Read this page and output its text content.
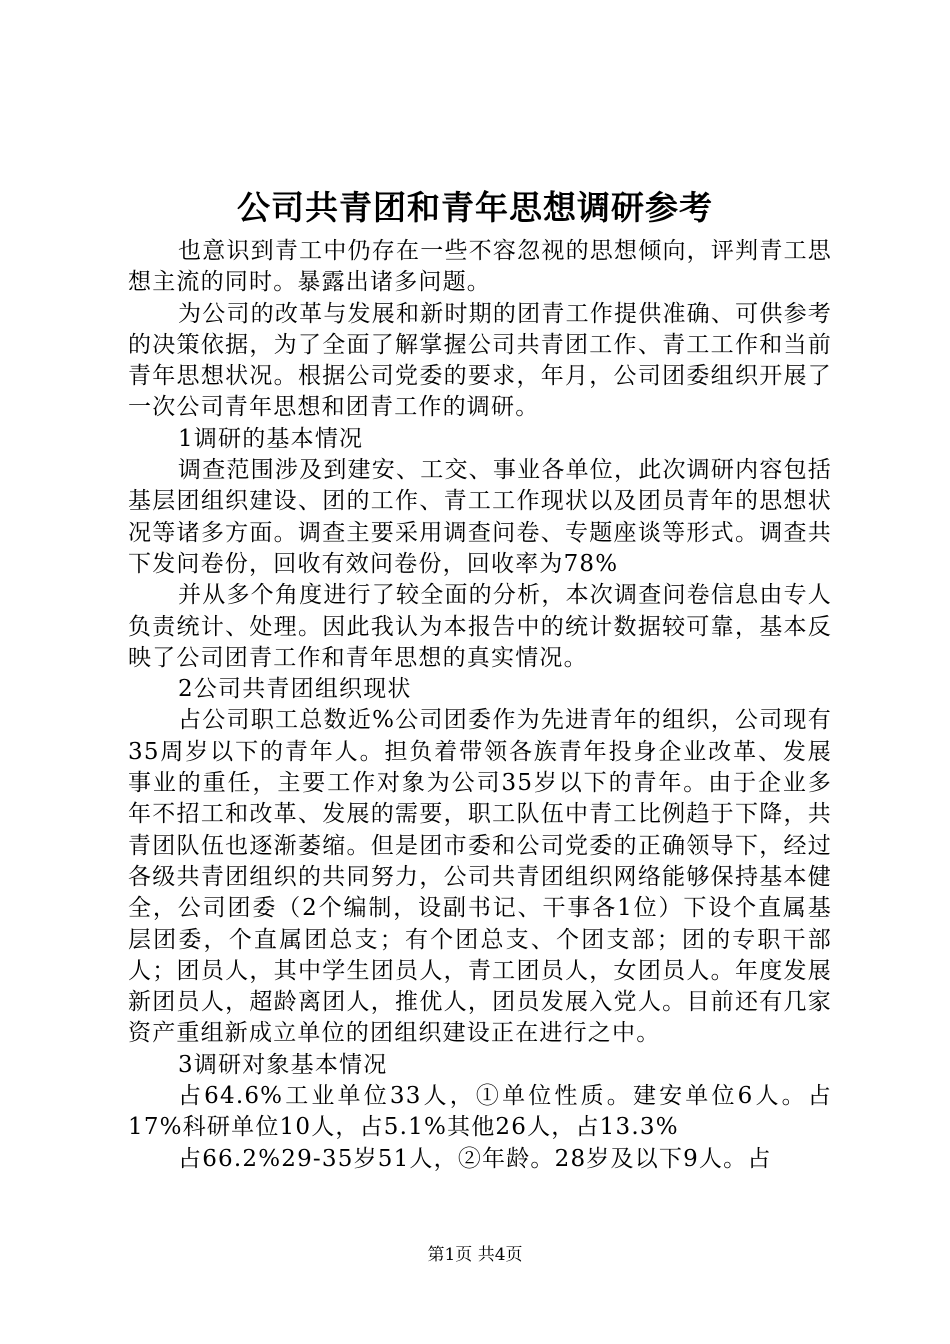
公司共青团和青年思想调研参考

也意识到青工中仍存在一些不容忽视的思想倾向，评判青工思想主流的同时。暴露出诸多问题。

为公司的改革与发展和新时期的团青工作提供准确、可供参考的决策依据，为了全面了解掌握公司共青团工作、青工工作和当前青年思想状况。根据公司党委的要求，年月，公司团委组织开展了一次公司青年思想和团青工作的调研。

1调研的基本情况

调查范围涉及到建安、工交、事业各单位，此次调研内容包括基层团组织建设、团的工作、青工工作现状以及团员青年的思想状况等诸多方面。调查主要采用调查问卷、专题座谈等形式。调查共下发问卷份，回收有效问卷份，回收率为78%

并从多个角度进行了较全面的分析，本次调查问卷信息由专人负责统计、处理。因此我认为本报告中的统计数据较可靠，基本反映了公司团青工作和青年思想的真实情况。

2公司共青团组织现状

占公司职工总数近%公司团委作为先进青年的组织，公司现有35周岁以下的青年人。担负着带领各族青年投身企业改革、发展事业的重任，主要工作对象为公司35岁以下的青年。由于企业多年不招工和改革、发展的需要，职工队伍中青工比例趋于下降，共青团队伍也逐渐萎缩。但是团市委和公司党委的正确领导下，经过各级共青团组织的共同努力，公司共青团组织网络能够保持基本健全，公司团委（2个编制，设副书记、干事各1位）下设个直属基层团委，个直属团总支；有个团总支、个团支部；团的专职干部人；团员人，其中学生团员人，青工团员人，女团员人。年度发展新团员人，超龄离团人，推优人，团员发展入党人。目前还有几家资产重组新成立单位的团组织建设正在进行之中。

3调研对象基本情况

占64.6%工业单位33人，①单位性质。建安单位6人。占17%科研单位10人，占5.1%其他26人，占13.3%

占66.2%29-35岁51人，②年龄。28岁及以下9人。占

第1页 共4页
